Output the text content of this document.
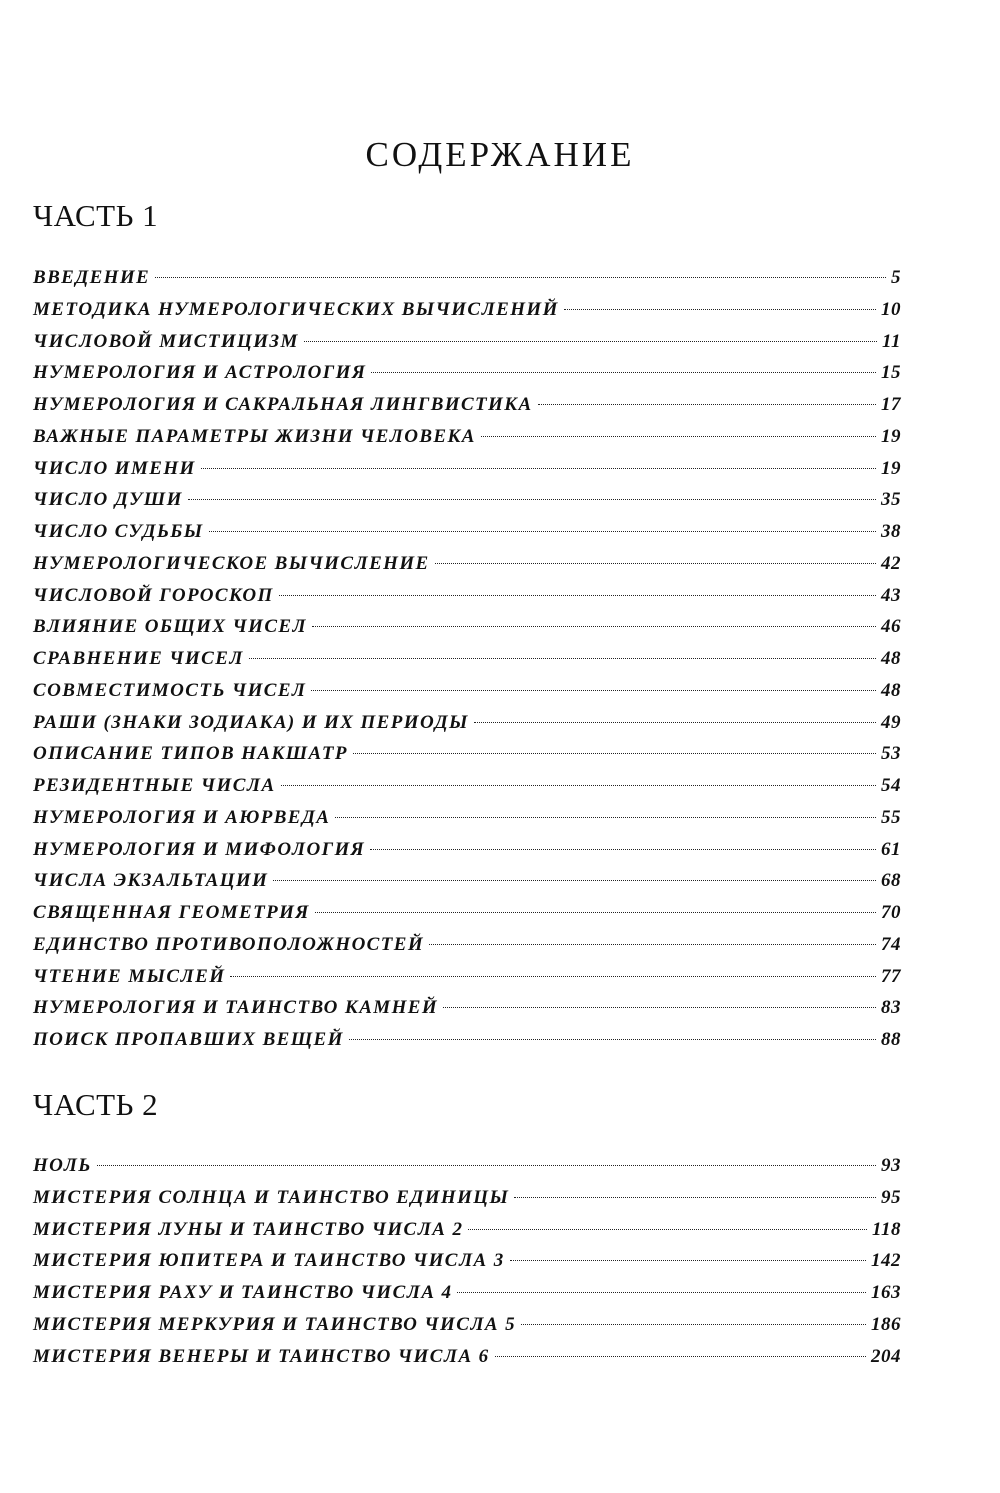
СОДЕРЖАНИЕ
ЧАСТЬ 1
ВВЕДЕНИЕ	5
МЕТОДИКА НУМЕРОЛОГИЧЕСКИХ ВЫЧИСЛЕНИЙ	10
ЧИСЛОВОЙ МИСТИЦИЗМ	11
НУМЕРОЛОГИЯ И АСТРОЛОГИЯ	15
НУМЕРОЛОГИЯ И САКРАЛЬНАЯ ЛИНГВИСТИКА	17
ВАЖНЫЕ ПАРАМЕТРЫ ЖИЗНИ ЧЕЛОВЕКА	19
ЧИСЛО ИМЕНИ	19
ЧИСЛО ДУШИ	35
ЧИСЛО СУДЬБЫ	38
НУМЕРОЛОГИЧЕСКОЕ ВЫЧИСЛЕНИЕ	42
ЧИСЛОВОЙ ГОРОСКОП	43
ВЛИЯНИЕ ОБЩИХ ЧИСЕЛ	46
СРАВНЕНИЕ ЧИСЕЛ	48
СОВМЕСТИМОСТЬ ЧИСЕЛ	48
РАШИ (ЗНАКИ ЗОДИАКА) И ИХ ПЕРИОДЫ	49
ОПИСАНИЕ ТИПОВ НАКШАТР	53
РЕЗИДЕНТНЫЕ ЧИСЛА	54
НУМЕРОЛОГИЯ И АЮРВЕДА	55
НУМЕРОЛОГИЯ И МИФОЛОГИЯ	61
ЧИСЛА ЭКЗАЛЬТАЦИИ	68
СВЯЩЕННАЯ ГЕОМЕТРИЯ	70
ЕДИНСТВО ПРОТИВОПОЛОЖНОСТЕЙ	74
ЧТЕНИЕ МЫСЛЕЙ	77
НУМЕРОЛОГИЯ И ТАИНСТВО КАМНЕЙ	83
ПОИСК ПРОПАВШИХ ВЕЩЕЙ	88
ЧАСТЬ 2
НОЛЬ	93
МИСТЕРИЯ СОЛНЦА И ТАИНСТВО ЕДИНИЦЫ	95
МИСТЕРИЯ ЛУНЫ И ТАИНСТВО ЧИСЛА 2	118
МИСТЕРИЯ ЮПИТЕРА И ТАИНСТВО ЧИСЛА 3	142
МИСТЕРИЯ РАХУ И ТАИНСТВО ЧИСЛА 4	163
МИСТЕРИЯ МЕРКУРИЯ И ТАИНСТВО ЧИСЛА 5	186
МИСТЕРИЯ ВЕНЕРЫ И ТАИНСТВО ЧИСЛА 6	204
